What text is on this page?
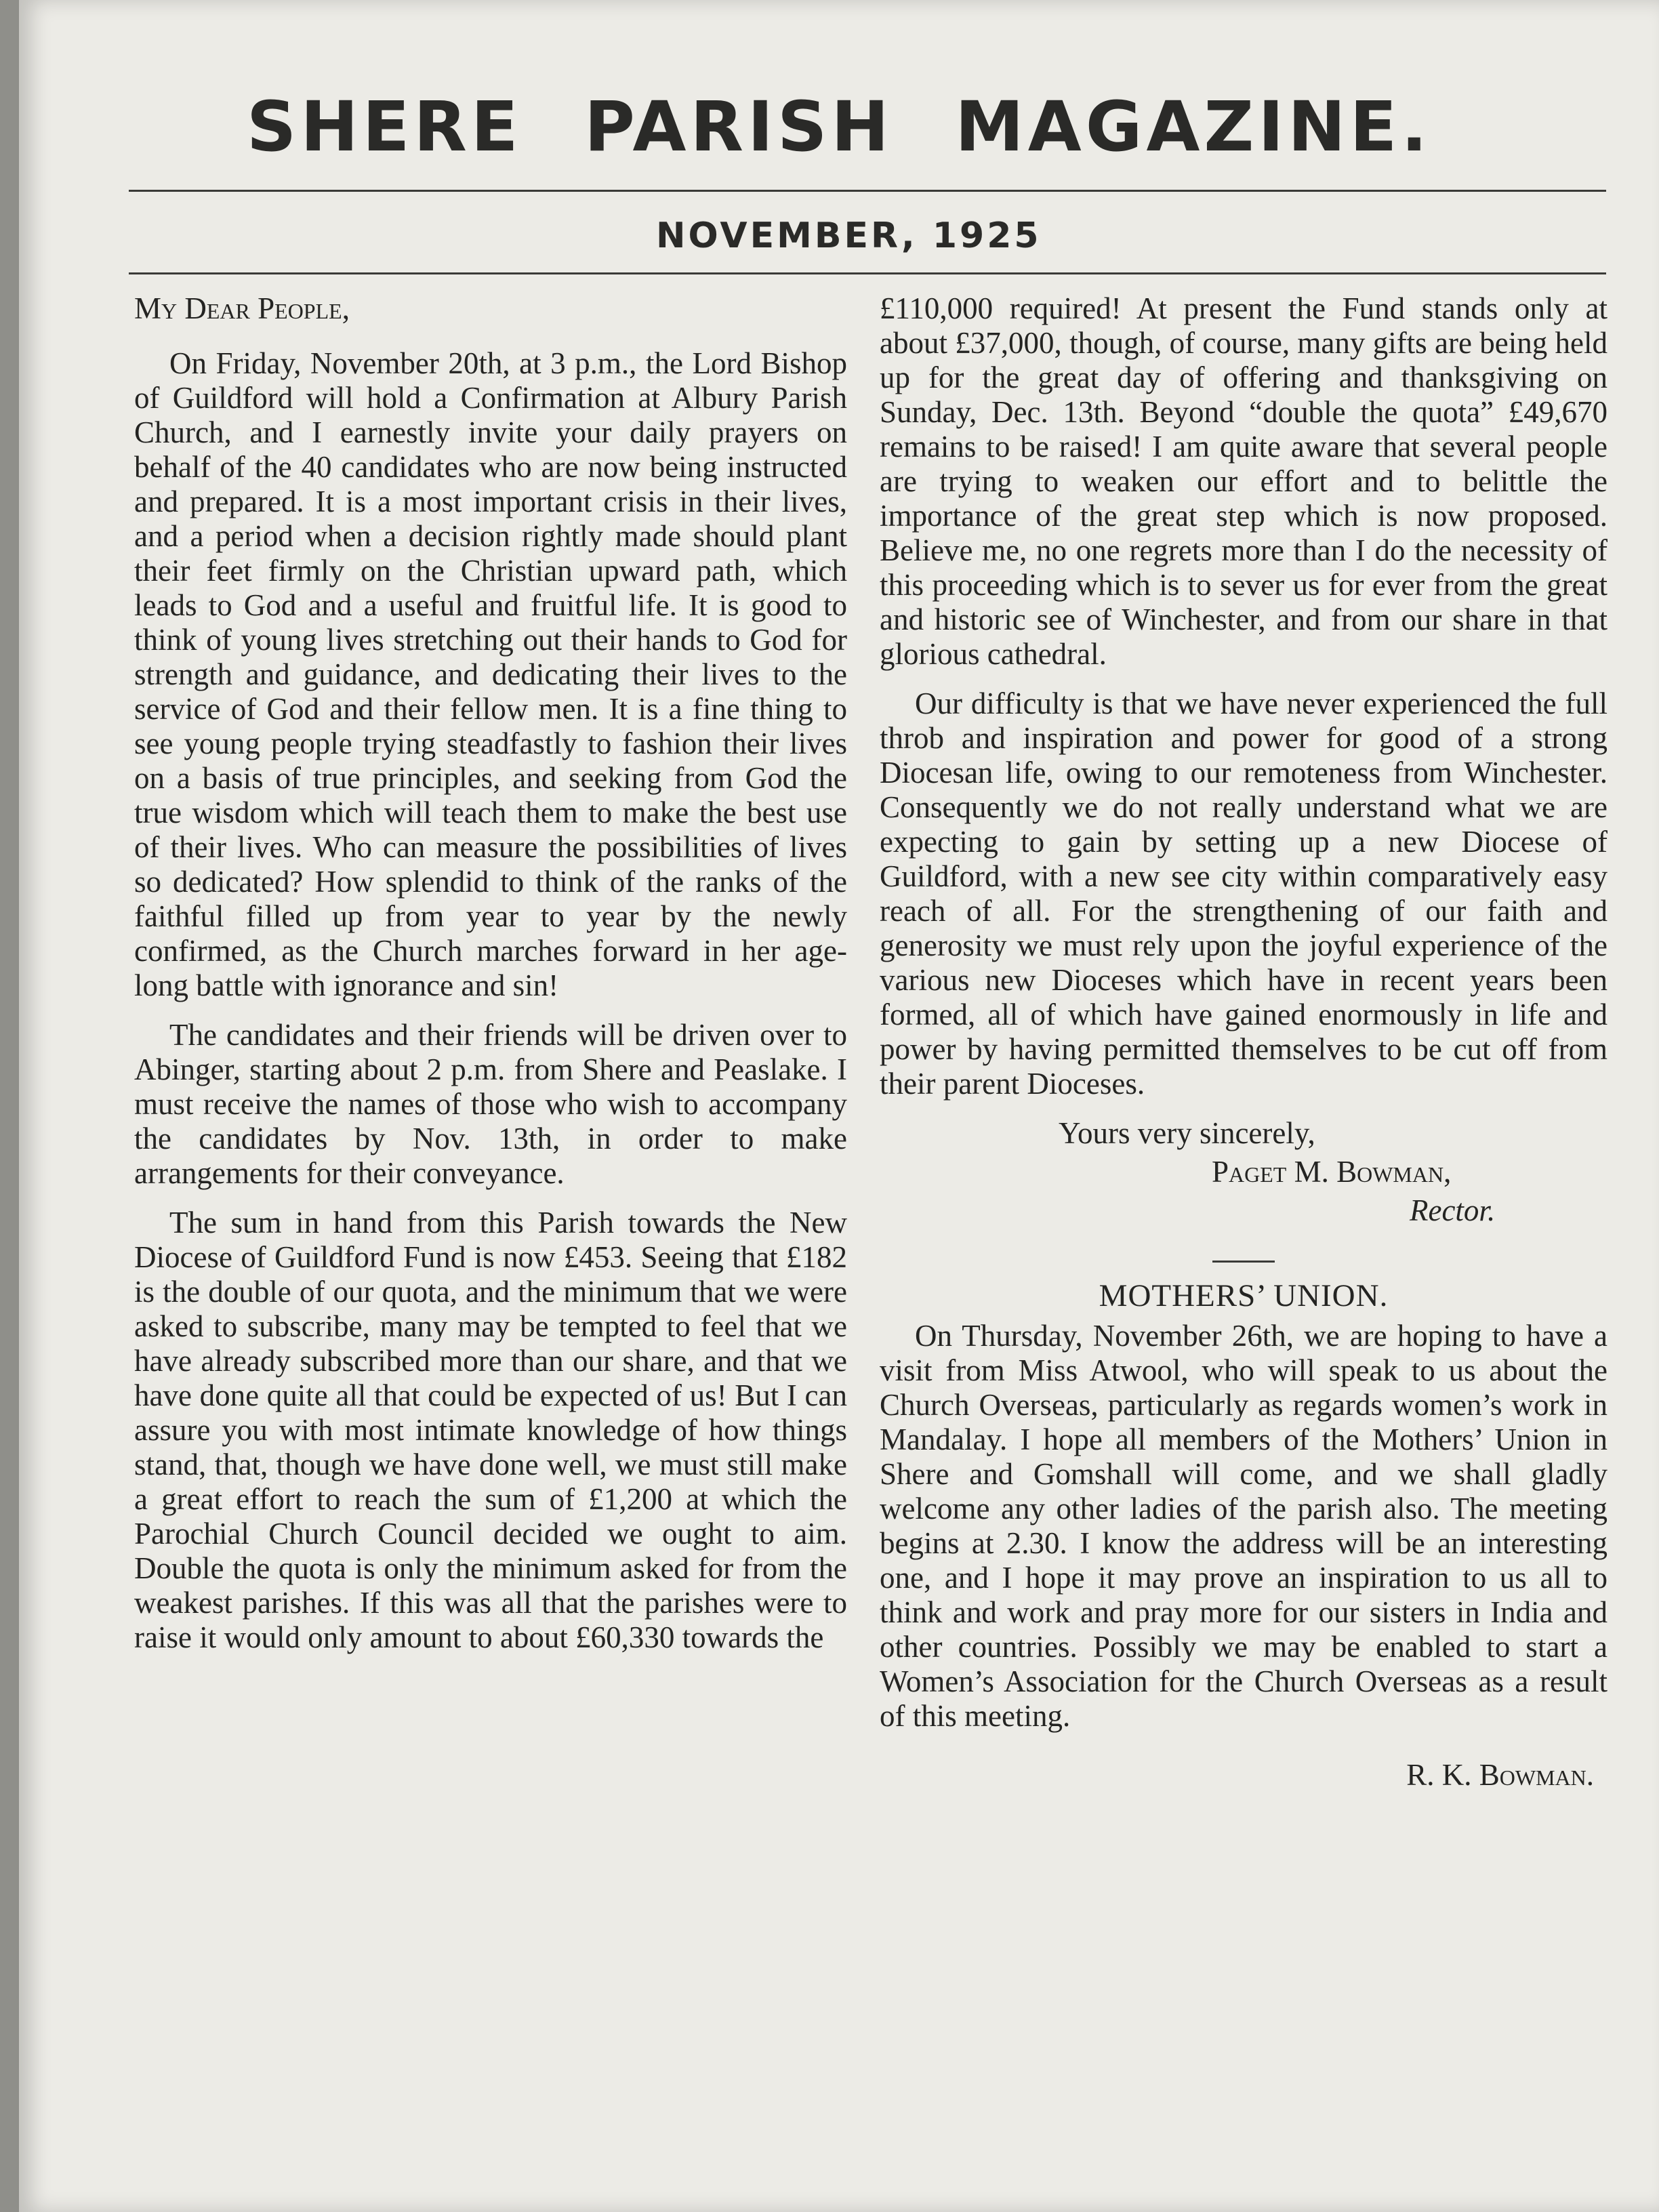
SHERE PARISH MAGAZINE.
NOVEMBER, 1925
My Dear People,

On Friday, November 20th, at 3 p.m., the Lord Bishop of Guildford will hold a Confirmation at Albury Parish Church, and I earnestly invite your daily prayers on behalf of the 40 candidates who are now being instructed and prepared. It is a most important crisis in their lives, and a period when a decision rightly made should plant their feet firmly on the Christian upward path, which leads to God and a useful and fruitful life. It is good to think of young lives stretching out their hands to God for strength and guidance, and dedicating their lives to the service of God and their fellow men. It is a fine thing to see young people trying steadfastly to fashion their lives on a basis of true principles, and seeking from God the true wisdom which will teach them to make the best use of their lives. Who can measure the possibilities of lives so dedicated? How splendid to think of the ranks of the faithful filled up from year to year by the newly confirmed, as the Church marches forward in her age-long battle with ignorance and sin!

The candidates and their friends will be driven over to Abinger, starting about 2 p.m. from Shere and Peaslake. I must receive the names of those who wish to accompany the candidates by Nov. 13th, in order to make arrangements for their conveyance.

The sum in hand from this Parish towards the New Diocese of Guildford Fund is now £453. Seeing that £182 is the double of our quota, and the minimum that we were asked to subscribe, many may be tempted to feel that we have already subscribed more than our share, and that we have done quite all that could be expected of us! But I can assure you with most intimate knowledge of how things stand, that, though we have done well, we must still make a great effort to reach the sum of £1,200 at which the Parochial Church Council decided we ought to aim. Double the quota is only the minimum asked for from the weakest parishes. If this was all that the parishes were to raise it would only amount to about £60,330 towards the

£110,000 required! At present the Fund stands only at about £37,000, though, of course, many gifts are being held up for the great day of offering and thanksgiving on Sunday, Dec. 13th. Beyond “double the quota” £49,670 remains to be raised! I am quite aware that several people are trying to weaken our effort and to belittle the importance of the great step which is now proposed. Believe me, no one regrets more than I do the necessity of this proceeding which is to sever us for ever from the great and historic see of Winchester, and from our share in that glorious cathedral.

Our difficulty is that we have never experienced the full throb and inspiration and power for good of a strong Diocesan life, owing to our remoteness from Winchester. Consequently we do not really understand what we are expecting to gain by setting up a new Diocese of Guildford, with a new see city within comparatively easy reach of all. For the strengthening of our faith and generosity we must rely upon the joyful experience of the various new Dioceses which have in recent years been formed, all of which have gained enormously in life and power by having permitted themselves to be cut off from their parent Dioceses.

Yours very sincerely,
Paget M. Bowman,
Rector.
MOTHERS’ UNION.

On Thursday, November 26th, we are hoping to have a visit from Miss Atwool, who will speak to us about the Church Overseas, particularly as regards women’s work in Mandalay. I hope all members of the Mothers’ Union in Shere and Gomshall will come, and we shall gladly welcome any other ladies of the parish also. The meeting begins at 2.30. I know the address will be an interesting one, and I hope it may prove an inspiration to us all to think and work and pray more for our sisters in India and other countries. Possibly we may be enabled to start a Women’s Association for the Church Overseas as a result of this meeting.

R. K. Bowman.
